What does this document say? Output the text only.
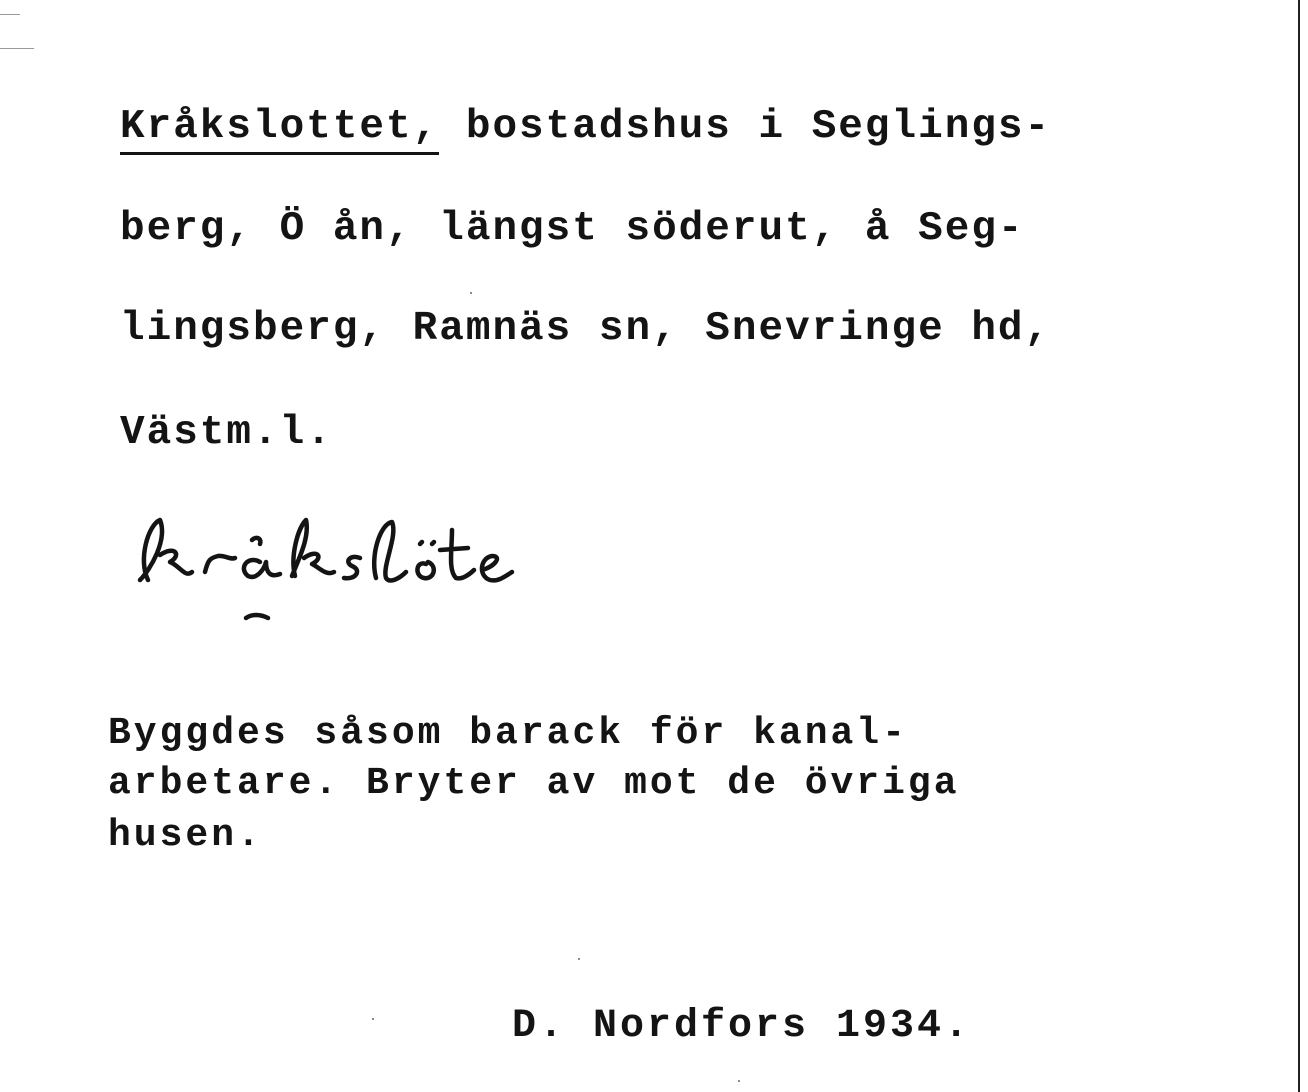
Kråkslottet, bostadshus i Seglings-
berg, Ö ån, längst söderut, å Seg-
lingsberg, Ramnäs sn, Snevringe hd,
Västm.l.
kråkslöte
Byggdes såsom barack för kanal-
arbetare. Bryter av mot de övriga
husen.
D. Nordfors 1934.
